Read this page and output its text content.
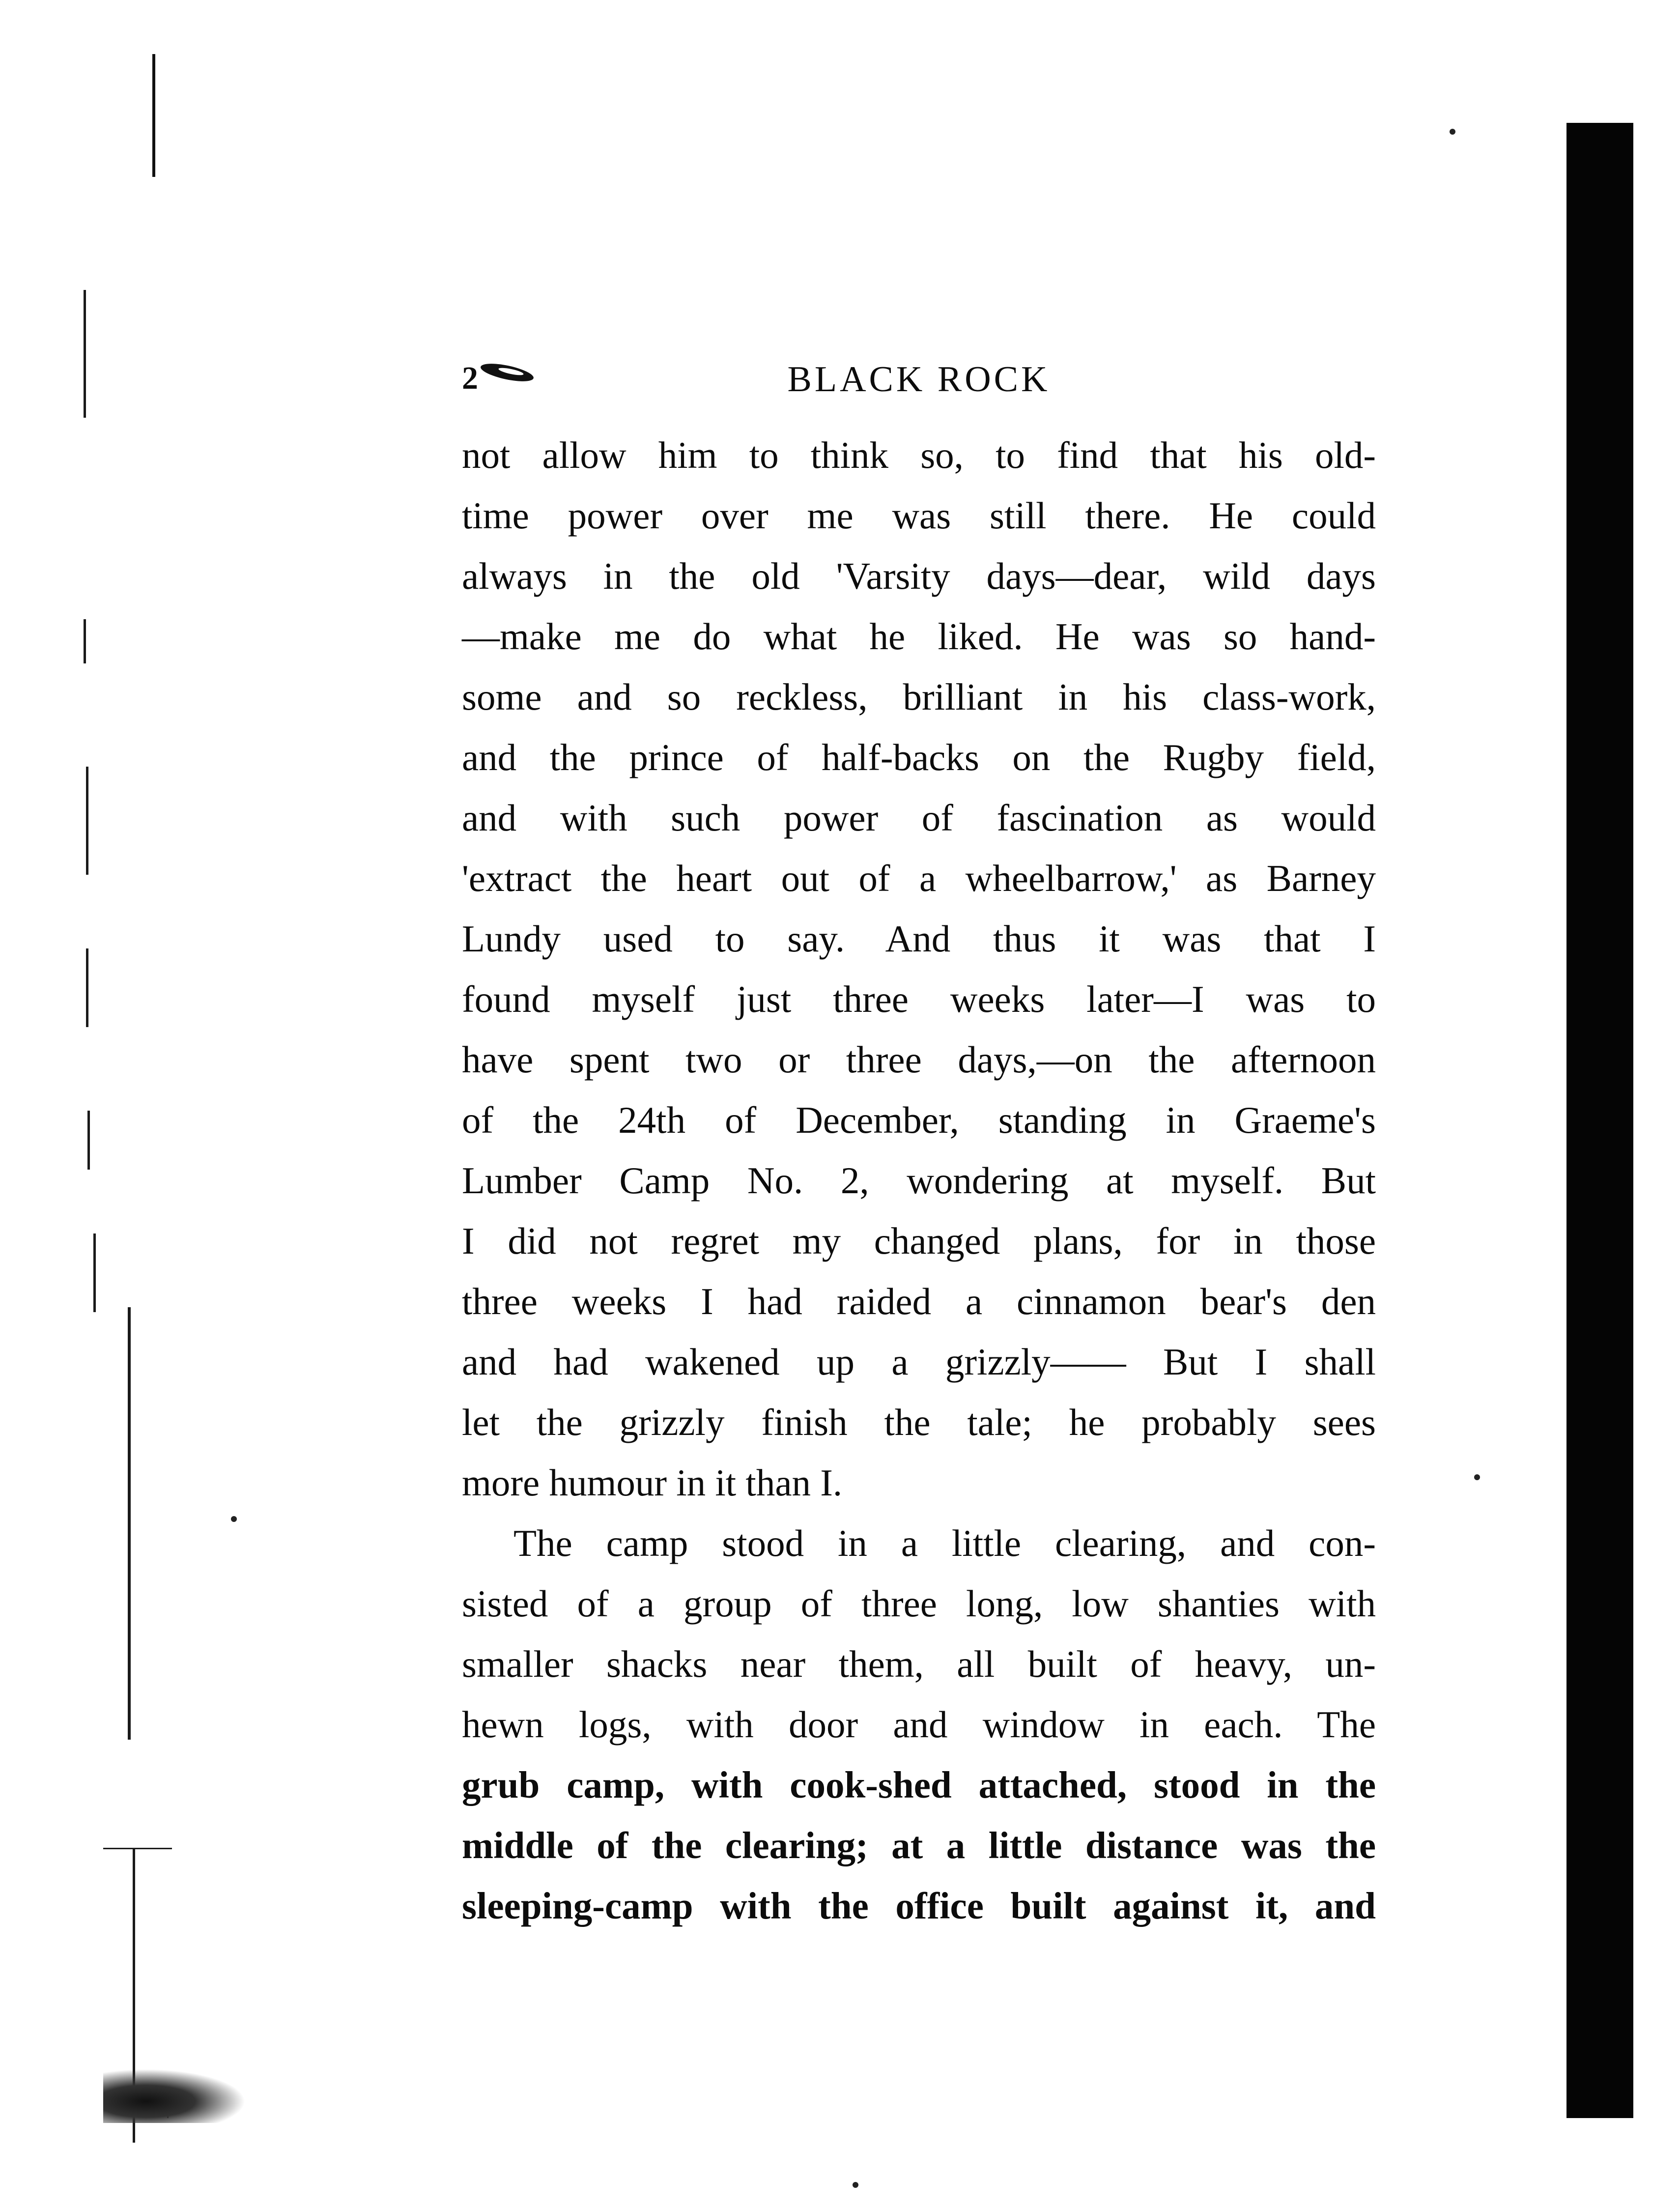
2	BLACK ROCK
not allow him to think so, to find that his old-
time power over me was still there. He could
always in the old 'Varsity days—dear, wild days
—make me do what he liked. He was so hand-
some and so reckless, brilliant in his class-work,
and the prince of half-backs on the Rugby field,
and with such power of fascination as would
'extract the heart out of a wheelbarrow,' as Barney
Lundy used to say. And thus it was that I
found myself just three weeks later—I was to
have spent two or three days,—on the afternoon
of the 24th of December, standing in Graeme's
Lumber Camp No. 2, wondering at myself. But
I did not regret my changed plans, for in those
three weeks I had raided a cinnamon bear's den
and had wakened up a grizzly—— But I shall
let the grizzly finish the tale; he probably sees
more humour in it than I.
The camp stood in a little clearing, and con-
sisted of a group of three long, low shanties with
smaller shacks near them, all built of heavy, un-
hewn logs, with door and window in each. The
grub camp, with cook-shed attached, stood in the
middle of the clearing; at a little distance was the
sleeping-camp with the office built against it, and
